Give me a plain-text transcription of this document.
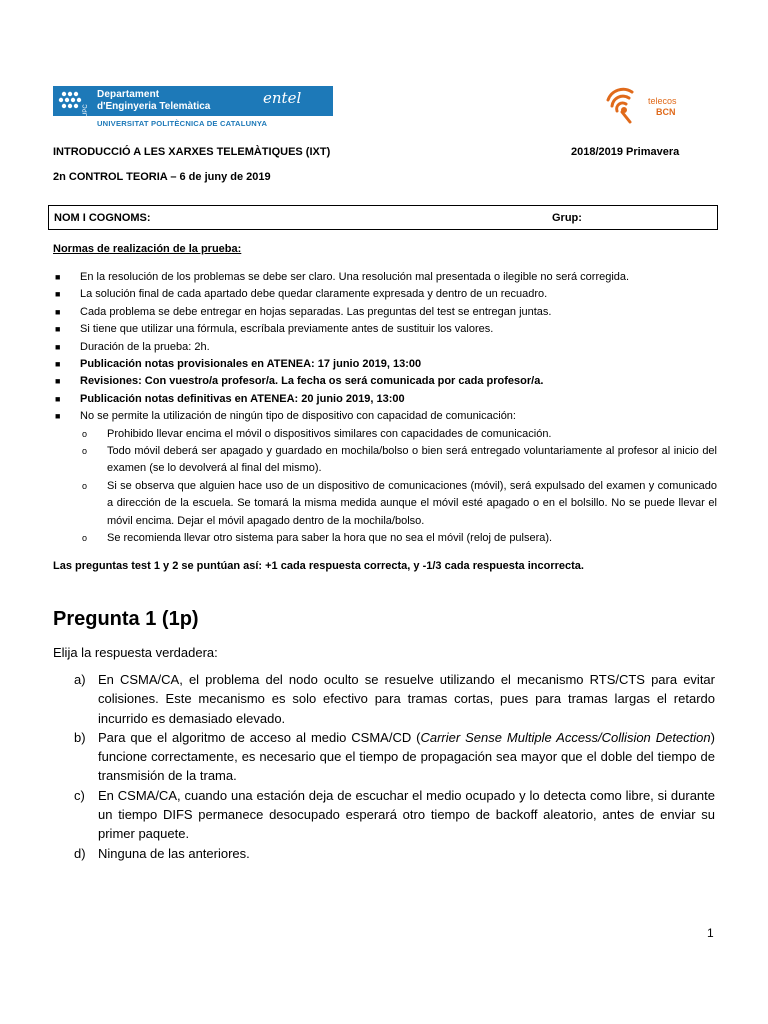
UPC
Departament
d'Enginyeria Telemàtica	entel
UNIVERSITAT POLITÈCNICA DE CATALUNYA
telecos
BCN
INTRODUCCIÓ A LES XARXES TELEMÀTIQUES (IXT)	2018/2019 Primavera
2n CONTROL TEORIA – 6 de juny de 2019
NOM I COGNOMS:	Grup:
Normas de realización de la prueba:
■ En la resolución de los problemas se debe ser claro. Una resolución mal presentada o ilegible no será corregida.
■ La solución final de cada apartado debe quedar claramente expresada y dentro de un recuadro.
■ Cada problema se debe entregar en hojas separadas. Las preguntas del test se entregan juntas.
■ Si tiene que utilizar una fórmula, escríbala previamente antes de sustituir los valores.
■ Duración de la prueba: 2h.
■ Publicación notas provisionales en ATENEA: 17 junio 2019, 13:00
■ Revisiones: Con vuestro/a profesor/a. La fecha os será comunicada por cada profesor/a.
■ Publicación notas definitivas en ATENEA: 20 junio 2019, 13:00
■ No se permite la utilización de ningún tipo de dispositivo con capacidad de comunicación:
o Prohibido llevar encima el móvil o dispositivos similares con capacidades de comunicación.
o Todo móvil deberá ser apagado y guardado en mochila/bolso o bien será entregado voluntariamente al profesor al inicio del examen (se lo devolverá al final del mismo).
o Si se observa que alguien hace uso de un dispositivo de comunicaciones (móvil), será expulsado del examen y comunicado a dirección de la escuela. Se tomará la misma medida aunque el móvil esté apagado o en el bolsillo. No se puede llevar el móvil encima. Dejar el móvil apagado dentro de la mochila/bolso.
o Se recomienda llevar otro sistema para saber la hora que no sea el móvil (reloj de pulsera).
Las preguntas test 1 y 2 se puntúan así: +1 cada respuesta correcta, y -1/3 cada respuesta incorrecta.
Pregunta 1 (1p)
Elija la respuesta verdadera:
a) En CSMA/CA, el problema del nodo oculto se resuelve utilizando el mecanismo RTS/CTS para evitar colisiones. Este mecanismo es solo efectivo para tramas cortas, pues para tramas largas el retardo incurrido es demasiado elevado.
b) Para que el algoritmo de acceso al medio CSMA/CD (Carrier Sense Multiple Access/Collision Detection) funcione correctamente, es necesario que el tiempo de propagación sea mayor que el doble del tiempo de transmisión de la trama.
c) En CSMA/CA, cuando una estación deja de escuchar el medio ocupado y lo detecta como libre, si durante un tiempo DIFS permanece desocupado esperará otro tiempo de backoff aleatorio, antes de enviar su primer paquete.
d) Ninguna de las anteriores.
1
